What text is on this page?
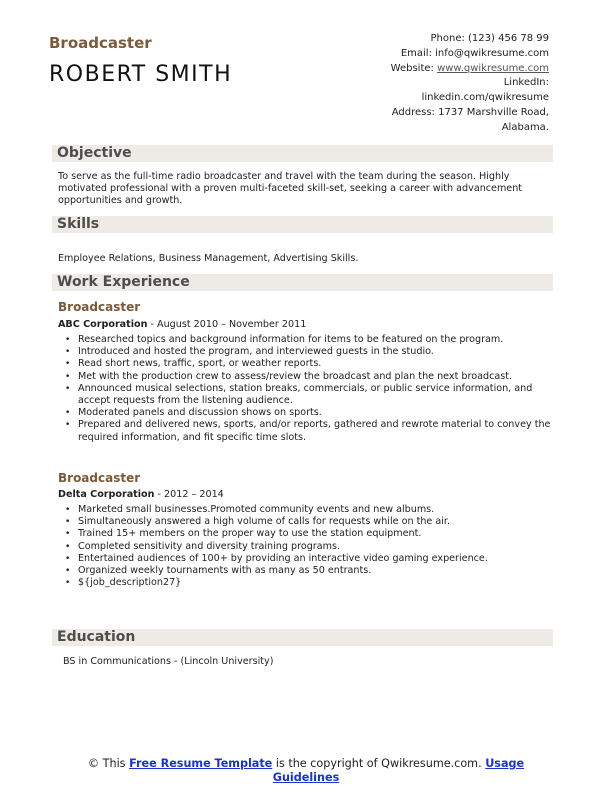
Broadcaster
ROBERT SMITH
Phone: (123) 456 78 99
Email: info@qwikresume.com
Website: www.qwikresume.com
LinkedIn:
linkedin.com/qwikresume
Address: 1737 Marshville Road,
Alabama.
Objective
To serve as the full-time radio broadcaster and travel with the team during the season. Highly motivated professional with a proven multi-faceted skill-set, seeking a career with advancement opportunities and growth.
Skills
Employee Relations, Business Management, Advertising Skills.
Work Experience
Broadcaster
ABC Corporation - August 2010 – November 2011
• Researched topics and background information for items to be featured on the program.
• Introduced and hosted the program, and interviewed guests in the studio.
• Read short news, traffic, sport, or weather reports.
• Met with the production crew to assess/review the broadcast and plan the next broadcast.
• Announced musical selections, station breaks, commercials, or public service information, and accept requests from the listening audience.
• Moderated panels and discussion shows on sports.
• Prepared and delivered news, sports, and/or reports, gathered and rewrote material to convey the required information, and fit specific time slots.
Broadcaster
Delta Corporation - 2012 – 2014
• Marketed small businesses.Promoted community events and new albums.
• Simultaneously answered a high volume of calls for requests while on the air.
• Trained 15+ members on the proper way to use the station equipment.
• Completed sensitivity and diversity training programs.
• Entertained audiences of 100+ by providing an interactive video gaming experience.
• Organized weekly tournaments with as many as 50 entrants.
• ${job_description27}
Education
BS in Communications - (Lincoln University)
© This Free Resume Template is the copyright of Qwikresume.com. Usage
Guidelines
